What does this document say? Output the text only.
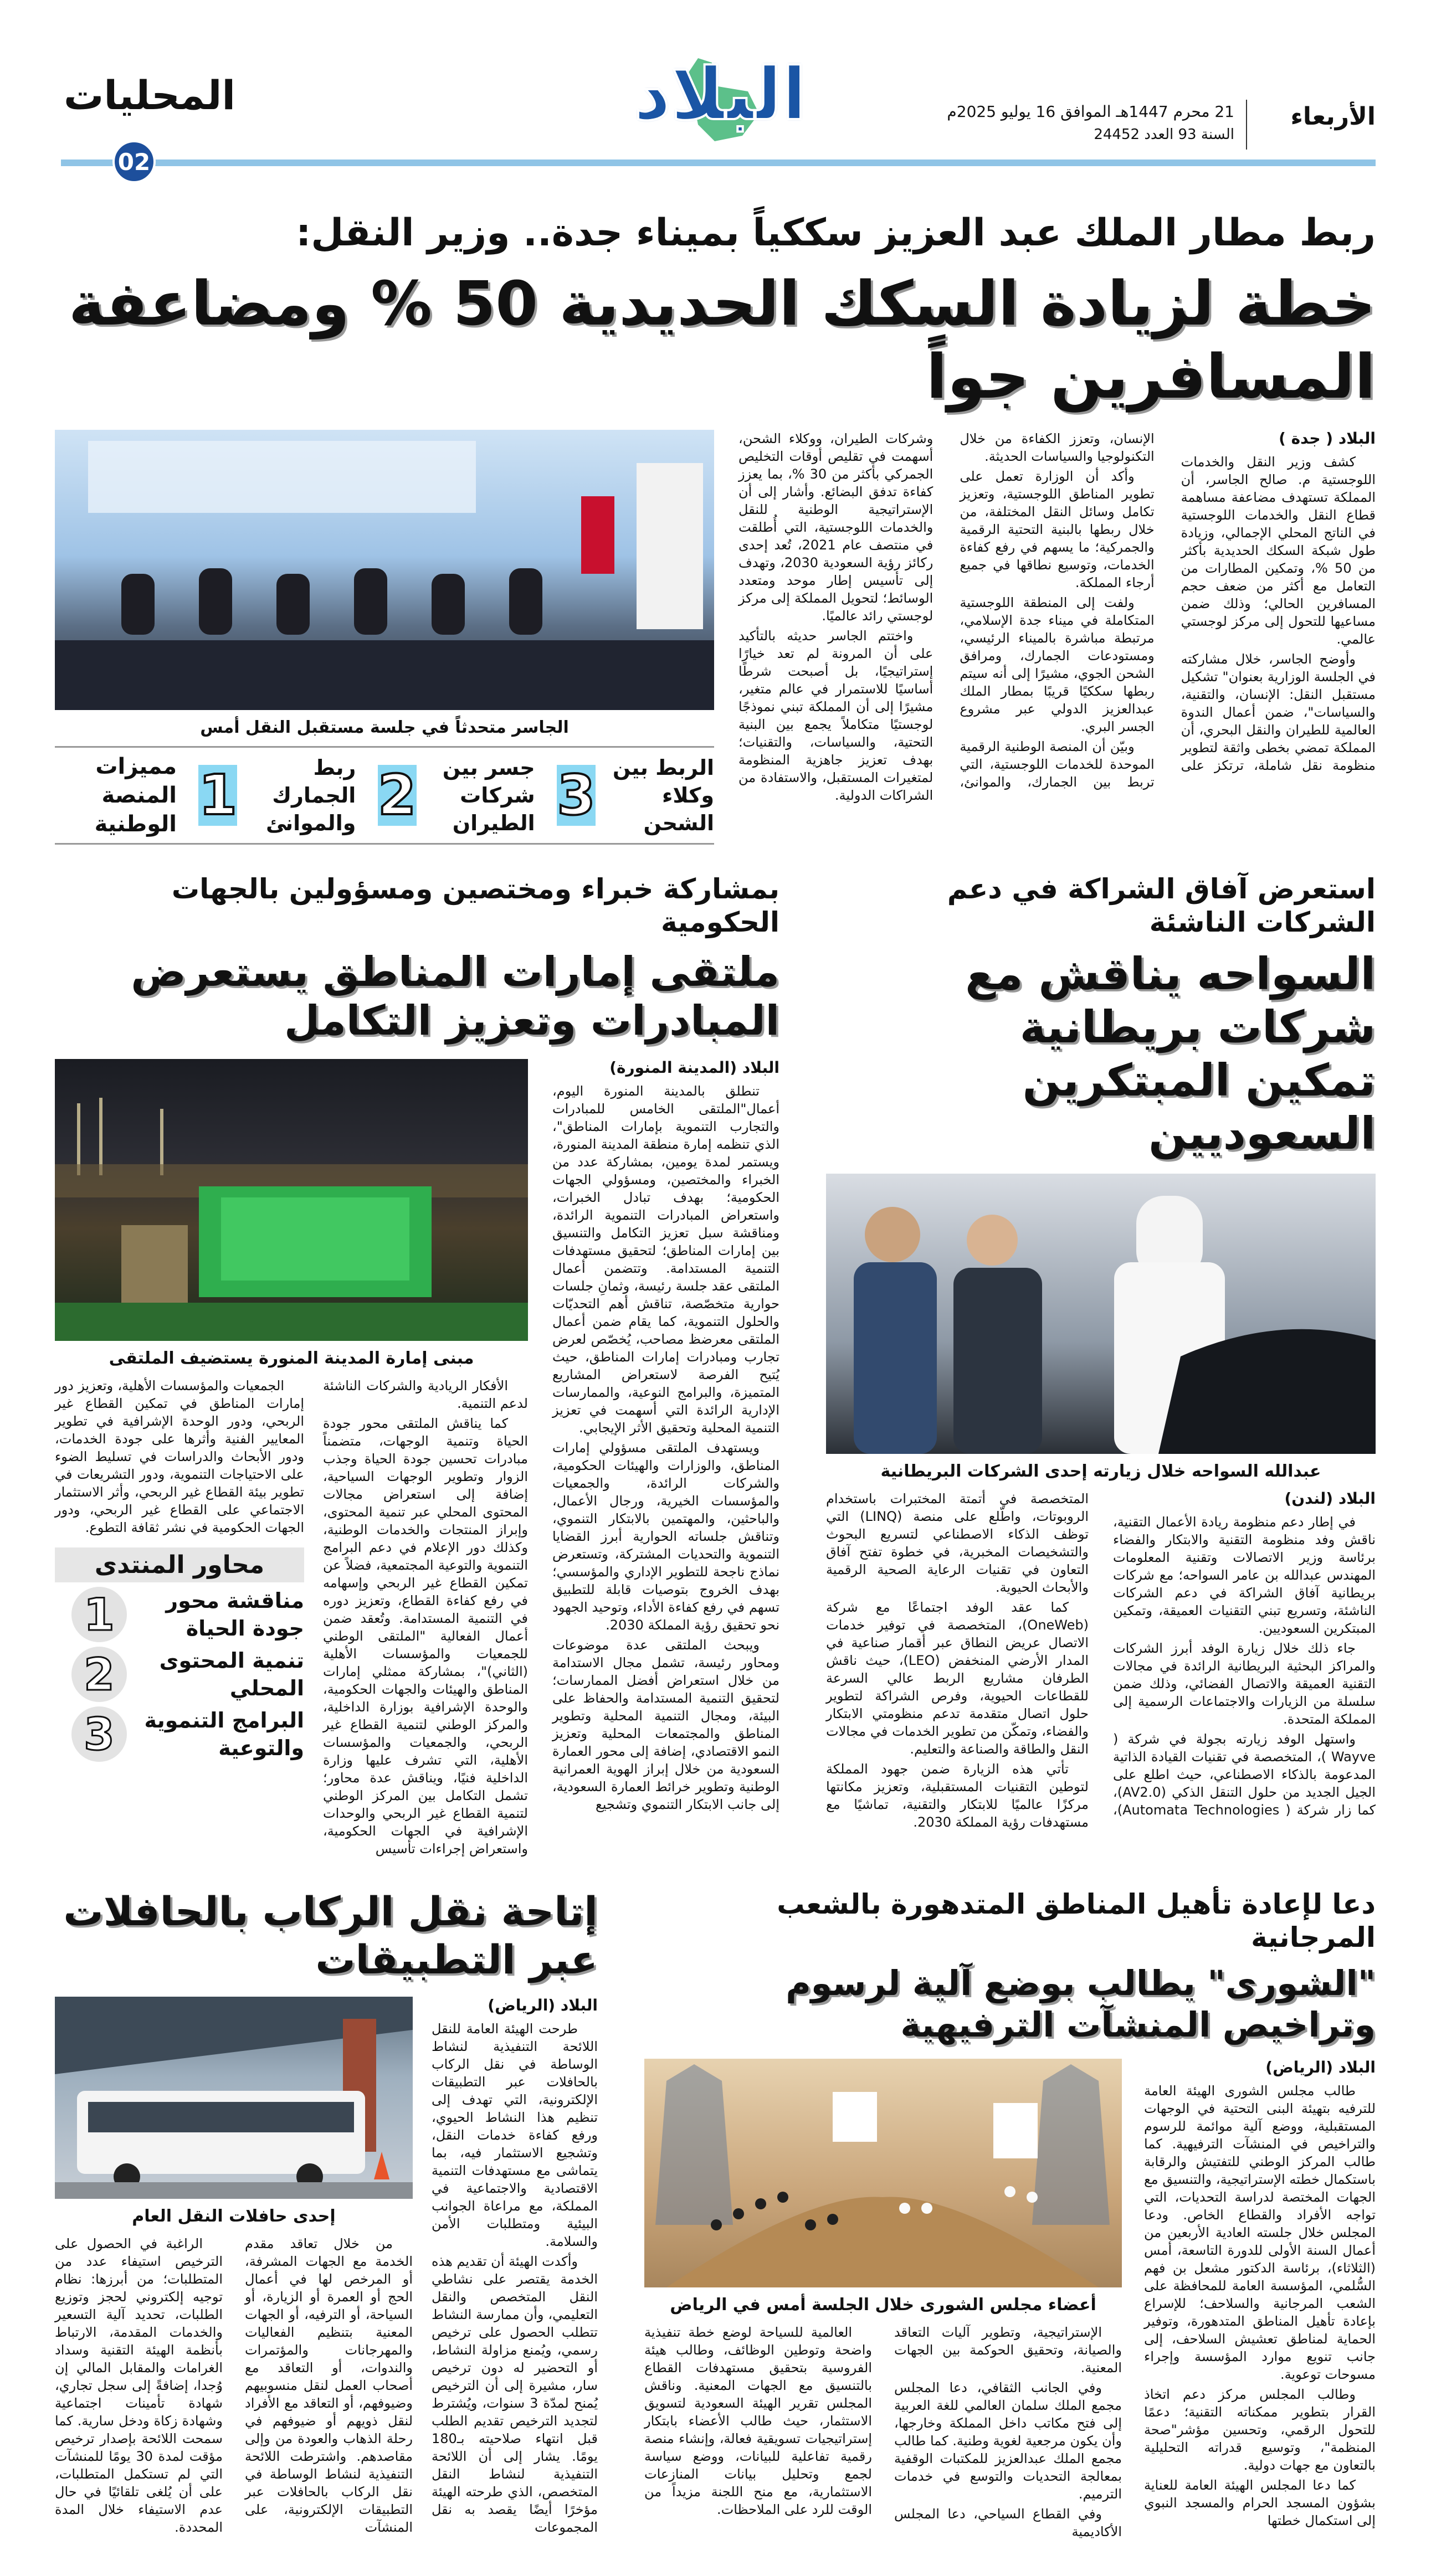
المحليات	البلاد	الأربعاء
21 محرم 1447هـ الموافق 16 يوليو 2025م
السنة 93 العدد 24452
02
ربط مطار الملك عبد العزيز سككياً بميناء جدة.. وزير النقل:
خطة لزيادة السكك الحديدية 50 % ومضاعفة المسافرين جواً
البلاد ( جدة )

كشف وزير النقل والخدمات اللوجستية م. صالح الجاسر، أن المملكة تستهدف مضاعفة مساهمة قطاع النقل والخدمات اللوجستية في الناتج المحلي الإجمالي، وزيادة طول شبكة السكك الحديدية بأكثر من 50 %، وتمكين المطارات من التعامل مع أكثر من ضعف حجم المسافرين الحالي؛ وذلك ضمن مساعيها للتحول إلى مركز لوجستي عالمي.

وأوضح الجاسر، خلال مشاركته في الجلسة الوزارية بعنوان" تشكيل مستقبل النقل: الإنسان، والتقنية، والسياسات"، ضمن أعمال الندوة العالمية للطيران والنقل البحري، أن المملكة تمضي بخطى واثقة لتطوير منظومة نقل شاملة، ترتكز على الإنسان، وتعزز الكفاءة من خلال التكنولوجيا والسياسات الحديثة.

وأكد أن الوزارة تعمل على تطوير المناطق اللوجستية، وتعزيز تكامل وسائل النقل المختلفة، من خلال ربطها بالبنية التحتية الرقمية والجمركية؛ ما يسهم في رفع كفاءة الخدمات، وتوسيع نطاقها في جميع أرجاء المملكة.

ولفت إلى المنطقة اللوجستية المتكاملة في ميناء جدة الإسلامي، مرتبطة مباشرة بالميناء الرئيسي، ومستودعات الجمارك، ومرافق الشحن الجوي، مشيرًا إلى أنه سيتم ربطها سككيًا قريبًا بمطار الملك عبدالعزيز الدولي عبر مشروع الجسر البري.

وبيّن أن المنصة الوطنية الرقمية الموحدة للخدمات اللوجستية، التي تربط بين الجمارك، والموانئ، وشركات الطيران، ووكلاء الشحن، أسهمت في تقليص أوقات التخليص الجمركي بأكثر من 30 %، بما يعزز كفاءة تدفق البضائع. وأشار إلى أن الإستراتيجية الوطنية للنقل والخدمات اللوجستية، التي أُطلقت في منتصف عام 2021، تُعد إحدى ركائز رؤية السعودية 2030، وتهدف إلى تأسيس إطار موحد ومتعدد الوسائط؛ لتحويل المملكة إلى مركز لوجستي رائد عالميًا.

واختتم الجاسر حديثه بالتأكيد على أن المرونة لم تعد خيارًا إستراتيجيًا، بل أصبحت شرطًا أساسيًا للاستمرار في عالم متغير، مشيرًا إلى أن المملكة تبني نموذجًا لوجستيًا متكاملاً يجمع بين البنية التحتية، والسياسات، والتقنيات؛ بهدف تعزيز جاهزية المنظومة لمتغيرات المستقبل، والاستفادة من الشراكات الدولية.

الجاسر متحدثاً في جلسة مستقبل النقل أمس
الربط بين وكلاء الشحن
3
جسر بين شركات الطيران
2
ربط الجمارك والموانئ
1
مميزات المنصة الوطنية
استعرض آفاق الشراكة في دعم الشركات الناشئة
السواحه يناقش مع شركات بريطانية
تمكين المبتكرين السعوديين
عبدالله السواحه خلال زيارته إحدى الشركات البريطانية
البلاد (لندن)

في إطار دعم منظومة ريادة الأعمال التقنية، ناقش وفد منظومة التقنية والابتكار والفضاء برئاسة وزير الاتصالات وتقنية المعلومات المهندس عبدالله بن عامر السواحه؛ مع شركات بريطانية آفاق الشراكة في دعم الشركات الناشئة، وتسريع تبني التقنيات العميقة، وتمكين المبتكرين السعوديين.

جاء ذلك خلال زيارة الوفد أبرز الشركات والمراكز البحثية البريطانية الرائدة في مجالات التقنية العميقة والاتصال الفضائي، وذلك ضمن سلسلة من الزيارات والاجتماعات الرسمية إلى المملكة المتحدة.

واستهل الوفد زيارته بجولة في شركة ( Wayve )، المتخصصة في تقنيات القيادة الذاتية المدعومة بالذكاء الاصطناعي، حيث اطلع على الجيل الجديد من حلول التنقل الذكي (AV2.0)، كما زار شركة ( Automata Technologies)، المتخصصة في أتمتة المختبرات باستخدام الروبوتات، واطّلع على منصة (LINQ) التي توظف الذكاء الاصطناعي لتسريع البحوث والتشخيصات المخبرية، في خطوة تفتح آفاق التعاون في تقنيات الرعاية الصحية الرقمية والأبحاث الحيوية.

كما عقد الوفد اجتماعًا مع شركة (OneWeb)، المتخصصة في توفير خدمات الاتصال عريض النطاق عبر أقمار صناعية في المدار الأرضي المنخفض (LEO)، حيث ناقش الطرفان مشاريع الربط عالي السرعة للقطاعات الحيوية، وفرص الشراكة لتطوير حلول اتصال متقدمة تدعم منظومتي الابتكار والفضاء، وتمكّن من تطوير الخدمات في مجالات النقل والطاقة والصناعة والتعليم.

تأتي هذه الزيارة ضمن جهود المملكة لتوطين التقنيات المستقبلية، وتعزيز مكانتها مركزًا عالميًا للابتكار والتقنية، تماشيًا مع مستهدفات رؤية المملكة 2030.

بمشاركة خبراء ومختصين ومسؤولين بالجهات الحكومية
ملتقى إمارات المناطق يستعرض المبادرات وتعزيز التكامل
البلاد (المدينة المنورة)

تنطلق بالمدينة المنورة اليوم، أعمال"الملتقى الخامس للمبادرات والتجارب التنموية بإمارات المناطق"، الذي تنظمه إمارة منطقة المدينة المنورة، ويستمر لمدة يومين، بمشاركة عدد من الخبراء والمختصين، ومسؤولي الجهات الحكومية؛ بهدف تبادل الخبرات، واستعراض المبادرات التنموية الرائدة، ومناقشة سبل تعزيز التكامل والتنسيق بين إمارات المناطق؛ لتحقيق مستهدفات التنمية المستدامة. وتتضمن أعمال الملتقى عقد جلسة رئيسة، وثمانِ جلسات حوارية متخصّصة، تناقش أهم التحديّات والحلول التنموية، كما يقام ضمن أعمال الملتقى معرضظ مصاحب، يُخصّص لعرض تجارب ومبادرات إمارات المناطق، حيث يُتيح الفرصة لاستعراض المشاريع المتميزة، والبرامج النوعية، والممارسات الإدارية الرائدة التي أسهمت في تعزيز التنمية المحلية وتحقيق الأثر الإيجابي.

ويستهدف الملتقى مسؤولي إمارات المناطق، والوزارات والهيئات الحكومية، والشركات الرائدة، والجمعيات والمؤسسات الخيرية، ورجال الأعمال، والباحثين، والمهتمين بالابتكار التنموي، وتناقش جلساته الحوارية أبرز القضايا التنموية والتحديات المشتركة، وتستعرض نماذج ناجحة للتطوير الإداري والمؤسسي؛ بهدف الخروج بتوصيات قابلة للتطبيق تسهم في رفع كفاءة الأداء، وتوحيد الجهود نحو تحقيق رؤية المملكة 2030.

ويبحث الملتقى عدة موضوعات ومحاور رئيسة، تشمل مجال الاستدامة من خلال استعراض أفضل الممارسات؛ لتحقيق التنمية المستدامة والحفاظ على البيئة، ومجال التنمية المحلية وتطوير المناطق والمجتمعات المحلية وتعزيز النمو الاقتصادي، إضافة إلى محور العمارة السعودية من خلال إبراز الهوية العمرانية الوطنية وتطوير خرائط العمارة السعودية، إلى جانب الابتكار التنموي وتشجيع

مبنى إمارة المدينة المنورة يستضيف الملتقى

الأفكار الريادية والشركات الناشئة لدعم التنمية.

كما يناقش الملتقى محور جودة الحياة وتنمية الوجهات، متضمناً مبادرات تحسين جودة الحياة وجذب الزوار وتطوير الوجهات السياحية، إضافة إلى استعراض مجالات المحتوى المحلي عبر تنمية المحتوى، وإبراز المنتجات والخدمات الوطنية، وكذلك دور الإعلام في دعم البرامج التنموية والتوعية المجتمعية، فضلاً عن تمكين القطاع غير الربحي وإسهامه في رفع كفاءة القطاع، وتعزيز دوره في التنمية المستدامة. وتُعقد ضمن أعمال الفعالية "الملتقى الوطني للجمعيات والمؤسسات الأهلية (الثاني)"، بمشاركة ممثلي إمارات المناطق والهيئات والجهات الحكومية، والوحدة الإشرافية بوزارة الداخلية، والمركز الوطني لتنمية القطاع غير الربحي، والجمعيات والمؤسسات الأهلية، التي تشرف عليها وزارة الداخلية فنيًا، ويناقش عدة محاور؛ تشمل التكامل بين المركز الوطني لتنمية القطاع غير الربحي والوحدات الإشرافية في الجهات الحكومية، واستعراض إجراءات تأسيس

الجمعيات والمؤسسات الأهلية، وتعزيز دور إمارات المناطق في تمكين القطاع غير الربحي، ودور الوحدة الإشرافية في تطوير المعايير الفنية وأثرها على جودة الخدمات، ودور الأبحاث والدراسات في تسليط الضوء على الاحتياجات التنموية، ودور التشريعات في تطوير بيئة القطاع غير الربحي، وأثر الاستثمار الاجتماعي على القطاع غير الربحي، ودور الجهات الحكومية في نشر ثقافة التطوع.

محاور المنتدى
مناقشة محور جودة الحياة
1
تنمية المحتوى المحلي
2
البرامج التنموية والتوعية
3
دعا لإعادة تأهيل المناطق المتدهورة بالشعب المرجانية
"الشورى" يطالب بوضع آلية لرسوم وتراخيص المنشآت الترفيهية
البلاد (الرياض)

طالب مجلس الشورى الهيئة العامة للترفيه بتهيئة البنى التحتية في الوجهات المستقبلية، ووضع آلية موائمة للرسوم والتراخيص في المنشآت الترفيهية. كما طالب المركز الوطني للتفتيش والرقابة باستكمال خطته الإستراتيجية، والتنسيق مع الجهات المختصة لدراسة التحديات، التي تواجه الأفراد والقطاع الخاص. ودعا المجلس خلال جلسته العادية الأربعين من أعمال السنة الأولى للدورة التاسعة، أمس (الثلاثاء)، برئاسة الدكتور مشعل بن فهم السُّلمي، المؤسسة العامة للمحافظة على الشعب المرجانية والسلاحف؛ للإسراع بإعادة تأهيل المناطق المتدهورة، وتوفير الحماية لمناطق تعشيش السلاحف، إلى جانب تنويع موارد المؤسسة وإجراء مسوحات توعوية.

وطالب المجلس مركز دعم اتخاذ القرار بتطوير ممكناته التقنية؛ دعمًا للتحول الرقمي، وتحسين مؤشر"صحة المنظمة"، وتوسيع قدراته التحليلية بالتعاون مع جهات دولية.

كما دعا المجلس الهيئة العامة للعناية بشؤون المسجد الحرام والمسجد النبوي إلى استكمال خطتها

أعضاء مجلس الشورى خلال الجلسة أمس في الرياض

الإستراتيجية، وتطوير آليات التعاقد والصيانة، وتحقيق الحوكمة بين الجهات المعنية.

وفي الجانب الثقافي، دعا المجلس مجمع الملك سلمان العالمي للغة العربية إلى فتح مكاتب داخل المملكة وخارجها، وأن يكون مرجعية لغوية وطنية. كما طالب مجمع الملك عبدالعزيز للمكتبات الوقفية بمعالجة التحديات والتوسع في خدمات الترميم.

وفي القطاع السياحي، دعا المجلس الأكاديمية

العالمية للسياحة لوضع خطة تنفيذية واضحة وتوطين الوظائف، وطالب هيئة الفروسية بتحقيق مستهدفات القطاع بالتنسيق مع الجهات المعنية. وناقش المجلس تقرير الهيئة السعودية لتسويق الاستثمار، حيث طالب الأعضاء بابتكار إستراتيجيات تسويقية فعالة، وإنشاء منصة رقمية تفاعلية للبيانات، ووضع سياسة لجمع وتحليل بيانات المنازعات الاستثمارية، مع منح اللجنة مزيداً من الوقت للرد على الملاحظات.

إتاحة نقل الركاب بالحافلات عبر التطبيقات
البلاد (الرياض)

طرحت الهيئة العامة للنقل اللائحة التنفيذية لنشاط الوساطة في نقل الركاب بالحافلات عبر التطبيقات الإلكترونية، التي تهدف إلى تنظيم هذا النشاط الحيوي، ورفع كفاءة خدمات النقل، وتشجيع الاستثمار فيه، بما يتماشى مع مستهدفات التنمية الاقتصادية والاجتماعية في المملكة، مع مراعاة الجوانب البيئية ومتطلبات الأمن والسلامة.

وأكدت الهيئة أن تقديم هذه الخدمة يقتصر على نشاطي النقل المتخصص والنقل التعليمي، وأن ممارسة النشاط تتطلب الحصول على ترخيص رسمي، ويُمنع مزاولة النشاط، أو التحضير له دون ترخيص سار، مشيرة إلى أن الترخيص يُمنح لمدّة 3 سنوات، ويُشترط لتجديد الترخيص تقديم الطلب قبل انتهاء صلاحيته بـ180 يومًا. يشار إلى أن اللائحة التنفيذية لنشاط النقل المتخصص، الذي طرحته الهيئة مؤخرًا أيضًا يقصد به نقل المجموعات

إحدى حافلات النقل العام

من خلال تعاقد مقدم الخدمة مع الجهات المشرفة، أو المرخص لها في أعمال الحج أو العمرة أو الزيارة، أو السياحة، أو الترفيه، أو الجهات المعنية بتنظيم الفعاليات والمهرجانات والمؤتمرات والندوات، أو التعاقد مع أصحاب العمل لنقل منسوبيهم وضيوفهم، أو التعاقد مع الأفراد لنقل ذويهم أو ضيوفهم في رحلة الذهاب والعودة من وإلى مقاصدهم. واشترطت اللائحة التنفيذية لنشاط الوساطة في نقل الركاب بالحافلات عبر التطبيقات الإلكترونية، على المنشآت

الراغبة في الحصول على الترخيص استيفاء عدد من المتطلبات؛ من أبرزها: نظام توجيه إلكتروني لحجز وتوزيع الطلبات، تحديد آلية التسعير والخدمات المقدمة، الارتباط بأنظمة الهيئة التقنية وسداد الغرامات والمقابل المالي إن وُجدا، إضافةً إلى سجل تجاري، شهادة تأمينات اجتماعية وشهادة زكاة ودخل سارية. كما سمحت اللائحة بإصدار ترخيص مؤقت لمدة 30 يومًا للمنشآت التي لم تستكمل المتطلبات، على أن يُلغى تلقائيًا في حال عدم الاستيفاء خلال المدة المحددة.
